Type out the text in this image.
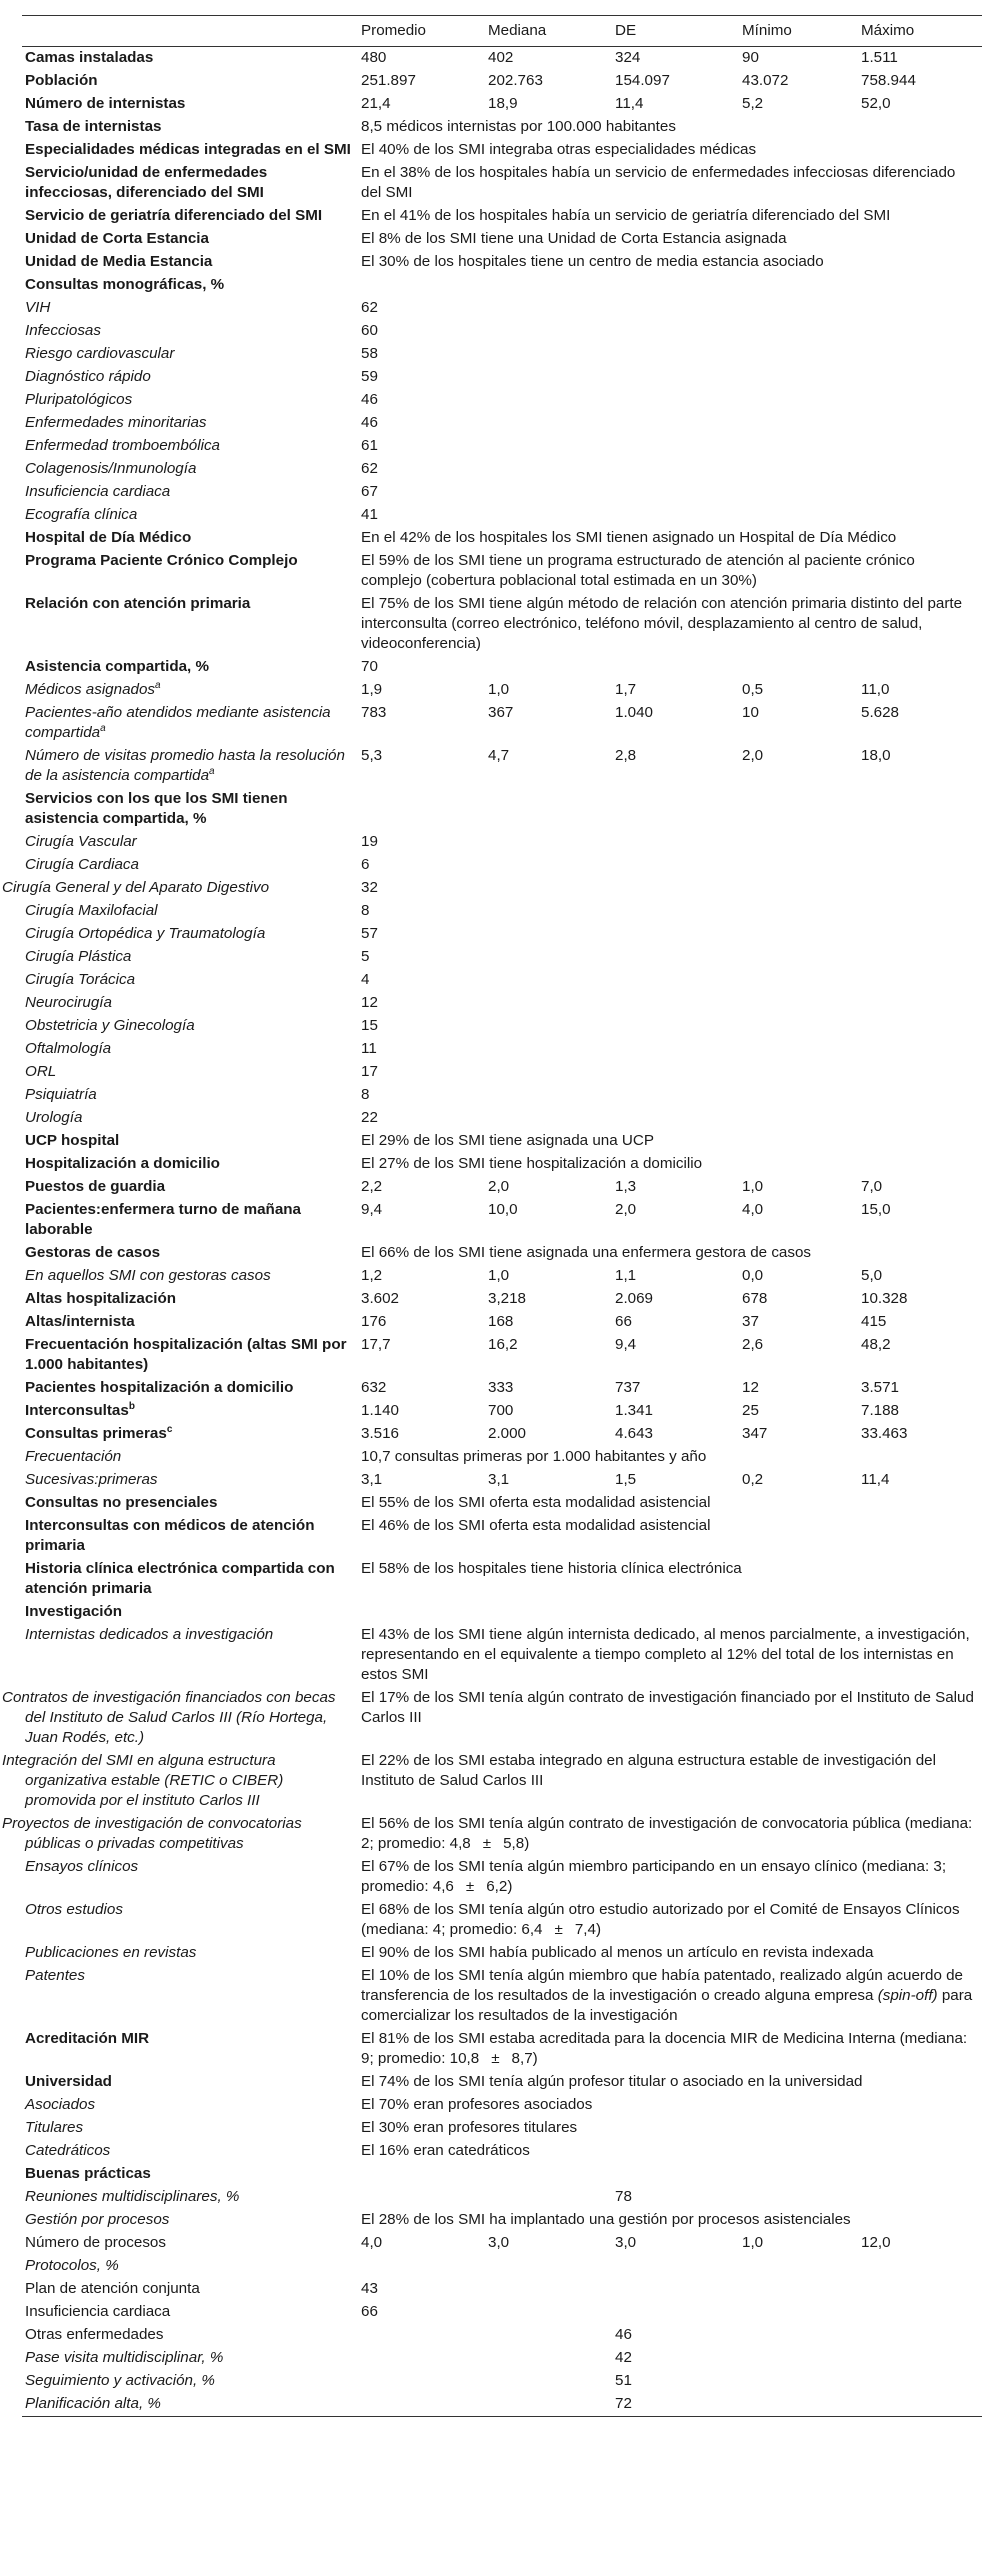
	Promedio	Mediana	DE	Mínimo	Máximo
Camas instaladas	480	402	324	90	1.511
Población	251.897	202.763	154.097	43.072	758.944
Número de internistas	21,4	18,9	11,4	5,2	52,0
Tasa de internistas	8,5 médicos internistas por 100.000 habitantes				
Especialidades médicas integradas en el SMI	El 40% de los SMI integraba otras especialidades médicas				
Servicio/unidad de enfermedades infecciosas, diferenciado del SMI	En el 38% de los hospitales había un servicio de enfermedades infecciosas diferenciado del SMI				
Servicio de geriatría diferenciado del SMI	En el 41% de los hospitales había un servicio de geriatría diferenciado del SMI				
Unidad de Corta Estancia	El 8% de los SMI tiene una Unidad de Corta Estancia asignada				
Unidad de Media Estancia	El 30% de los hospitales tiene un centro de media estancia asociado				
Consultas monográficas, %					
VIH	62				
Infecciosas	60				
Riesgo cardiovascular	58				
Diagnóstico rápido	59				
Pluripatológicos	46				
Enfermedades minoritarias	46				
Enfermedad tromboembólica	61				
Colagenosis/Inmunología	62				
Insuficiencia cardiaca	67				
Ecografía clínica	41				
Hospital de Día Médico	En el 42% de los hospitales los SMI tienen asignado un Hospital de Día Médico				
Programa Paciente Crónico Complejo	El 59% de los SMI tiene un programa estructurado de atención al paciente crónico complejo (cobertura poblacional total estimada en un 30%)				
Relación con atención primaria	El 75% de los SMI tiene algún método de relación con atención primaria distinto del parte interconsulta (correo electrónico, teléfono móvil, desplazamiento al centro de salud, videoconferencia)				
Asistencia compartida, %	70				
Médicos asignados$^a$	1,9	1,0	1,7	0,5	11,0
Pacientes-año atendidos mediante asistencia compartida$^a$	783	367	1.040	10	5.628
Número de visitas promedio hasta la resolución de la asistencia compartida$^a$	5,3	4,7	2,8	2,0	18,0
Servicios con los que los SMI tienen asistencia compartida, %					
Cirugía Vascular	19				
Cirugía Cardiaca	6				
Cirugía General y del Aparato Digestivo	32				
Cirugía Maxilofacial	8				
Cirugía Ortopédica y Traumatología	57				
Cirugía Plástica	5				
Cirugía Torácica	4				
Neurocirugía	12				
Obstetricia y Ginecología	15				
Oftalmología	11				
ORL	17				
Psiquiatría	8				
Urología	22				
UCP hospital	El 29% de los SMI tiene asignada una UCP				
Hospitalización a domicilio	El 27% de los SMI tiene hospitalización a domicilio				
Puestos de guardia	2,2	2,0	1,3	1,0	7,0
Pacientes:enfermera turno de mañana laborable	9,4	10,0	2,0	4,0	15,0
Gestoras de casos	El 66% de los SMI tiene asignada una enfermera gestora de casos				
En aquellos SMI con gestoras casos	1,2	1,0	1,1	0,0	5,0
Altas hospitalización	3.602	3,218	2.069	678	10.328
Altas/internista	176	168	66	37	415
Frecuentación hospitalización (altas SMI por 1.000 habitantes)	17,7	16,2	9,4	2,6	48,2
Pacientes hospitalización a domicilio	632	333	737	12	3.571
Interconsultas$^b$	1.140	700	1.341	25	7.188
Consultas primeras$^c$	3.516	2.000	4.643	347	33.463
Frecuentación	10,7 consultas primeras por 1.000 habitantes y año				
Sucesivas:primeras	3,1	3,1	1,5	0,2	11,4
Consultas no presenciales	El 55% de los SMI oferta esta modalidad asistencial				
Interconsultas con médicos de atención primaria	El 46% de los SMI oferta esta modalidad asistencial				
Historia clínica electrónica compartida con atención primaria	El 58% de los hospitales tiene historia clínica electrónica				
Investigación					
Internistas dedicados a investigación	El 43% de los SMI tiene algún internista dedicado, al menos parcialmente, a investigación, representando en el equivalente a tiempo completo al 12% del total de los internistas en estos SMI				
Contratos de investigación financiados con becas del Instituto de Salud Carlos III (Río Hortega, Juan Rodés, etc.)	El 17% de los SMI tenía algún contrato de investigación financiado por el Instituto de Salud Carlos III				
Integración del SMI en alguna estructura organizativa estable (RETIC o CIBER) promovida por el instituto Carlos III	El 22% de los SMI estaba integrado en alguna estructura estable de investigación del Instituto de Salud Carlos III				
Proyectos de investigación de convocatorias públicas o privadas competitivas	El 56% de los SMI tenía algún contrato de investigación de convocatoria pública (mediana: 2; promedio: 4,8 ± 5,8)				
Ensayos clínicos	El 67% de los SMI tenía algún miembro participando en un ensayo clínico (mediana: 3; promedio: 4,6 ± 6,2)				
Otros estudios	El 68% de los SMI tenía algún otro estudio autorizado por el Comité de Ensayos Clínicos (mediana: 4; promedio: 6,4 ± 7,4)				
Publicaciones en revistas	El 90% de los SMI había publicado al menos un artículo en revista indexada				
Patentes	El 10% de los SMI tenía algún miembro que había patentado, realizado algún acuerdo de transferencia de los resultados de la investigación o creado alguna empresa (spin-off) para comercializar los resultados de la investigación				
Acreditación MIR	El 81% de los SMI estaba acreditada para la docencia MIR de Medicina Interna (mediana: 9; promedio: 10,8 ± 8,7)				
Universidad	El 74% de los SMI tenía algún profesor titular o asociado en la universidad				
Asociados	El 70% eran profesores asociados				
Titulares	El 30% eran profesores titulares				
Catedráticos	El 16% eran catedráticos				
Buenas prácticas					
Reuniones multidisciplinares, %			78		
Gestión por procesos	El 28% de los SMI ha implantado una gestión por procesos asistenciales				
Número de procesos	4,0	3,0	3,0	1,0	12,0
Protocolos, %					
Plan de atención conjunta	43				
Insuficiencia cardiaca	66				
Otras enfermedades			46		
Pase visita multidisciplinar, %			42		
Seguimiento y activación, %			51		
Planificación alta, %			72		
